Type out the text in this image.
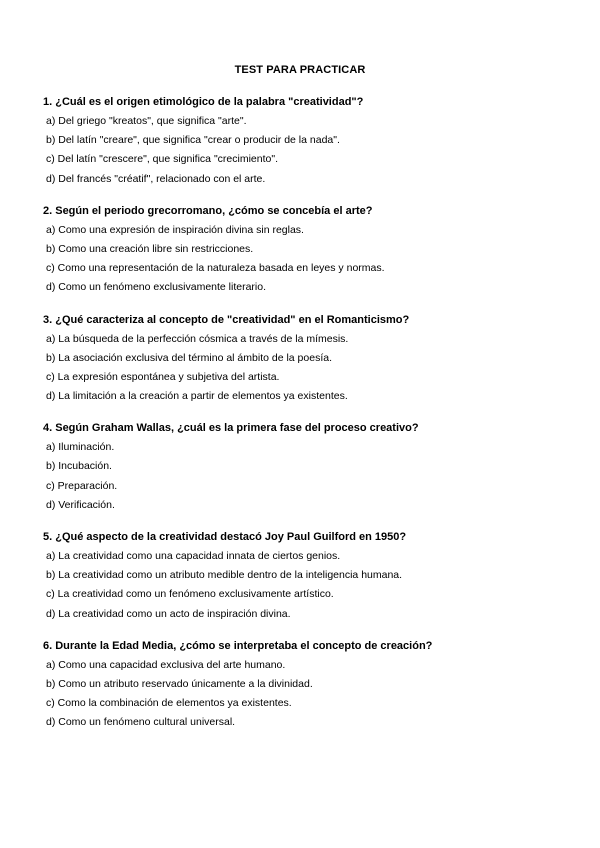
TEST PARA PRACTICAR
1. ¿Cuál es el origen etimológico de la palabra "creatividad"?
a) Del griego "kreatos", que significa "arte".
b) Del latín "creare", que significa "crear o producir de la nada".
c) Del latín "crescere", que significa "crecimiento".
d) Del francés "créatif", relacionado con el arte.
2. Según el periodo grecorromano, ¿cómo se concebía el arte?
a) Como una expresión de inspiración divina sin reglas.
b) Como una creación libre sin restricciones.
c) Como una representación de la naturaleza basada en leyes y normas.
d) Como un fenómeno exclusivamente literario.
3. ¿Qué caracteriza al concepto de "creatividad" en el Romanticismo?
a) La búsqueda de la perfección cósmica a través de la mímesis.
b) La asociación exclusiva del término al ámbito de la poesía.
c) La expresión espontánea y subjetiva del artista.
d) La limitación a la creación a partir de elementos ya existentes.
4. Según Graham Wallas, ¿cuál es la primera fase del proceso creativo?
a) Iluminación.
b) Incubación.
c) Preparación.
d) Verificación.
5. ¿Qué aspecto de la creatividad destacó Joy Paul Guilford en 1950?
a) La creatividad como una capacidad innata de ciertos genios.
b) La creatividad como un atributo medible dentro de la inteligencia humana.
c) La creatividad como un fenómeno exclusivamente artístico.
d) La creatividad como un acto de inspiración divina.
6. Durante la Edad Media, ¿cómo se interpretaba el concepto de creación?
a) Como una capacidad exclusiva del arte humano.
b) Como un atributo reservado únicamente a la divinidad.
c) Como la combinación de elementos ya existentes.
d) Como un fenómeno cultural universal.
